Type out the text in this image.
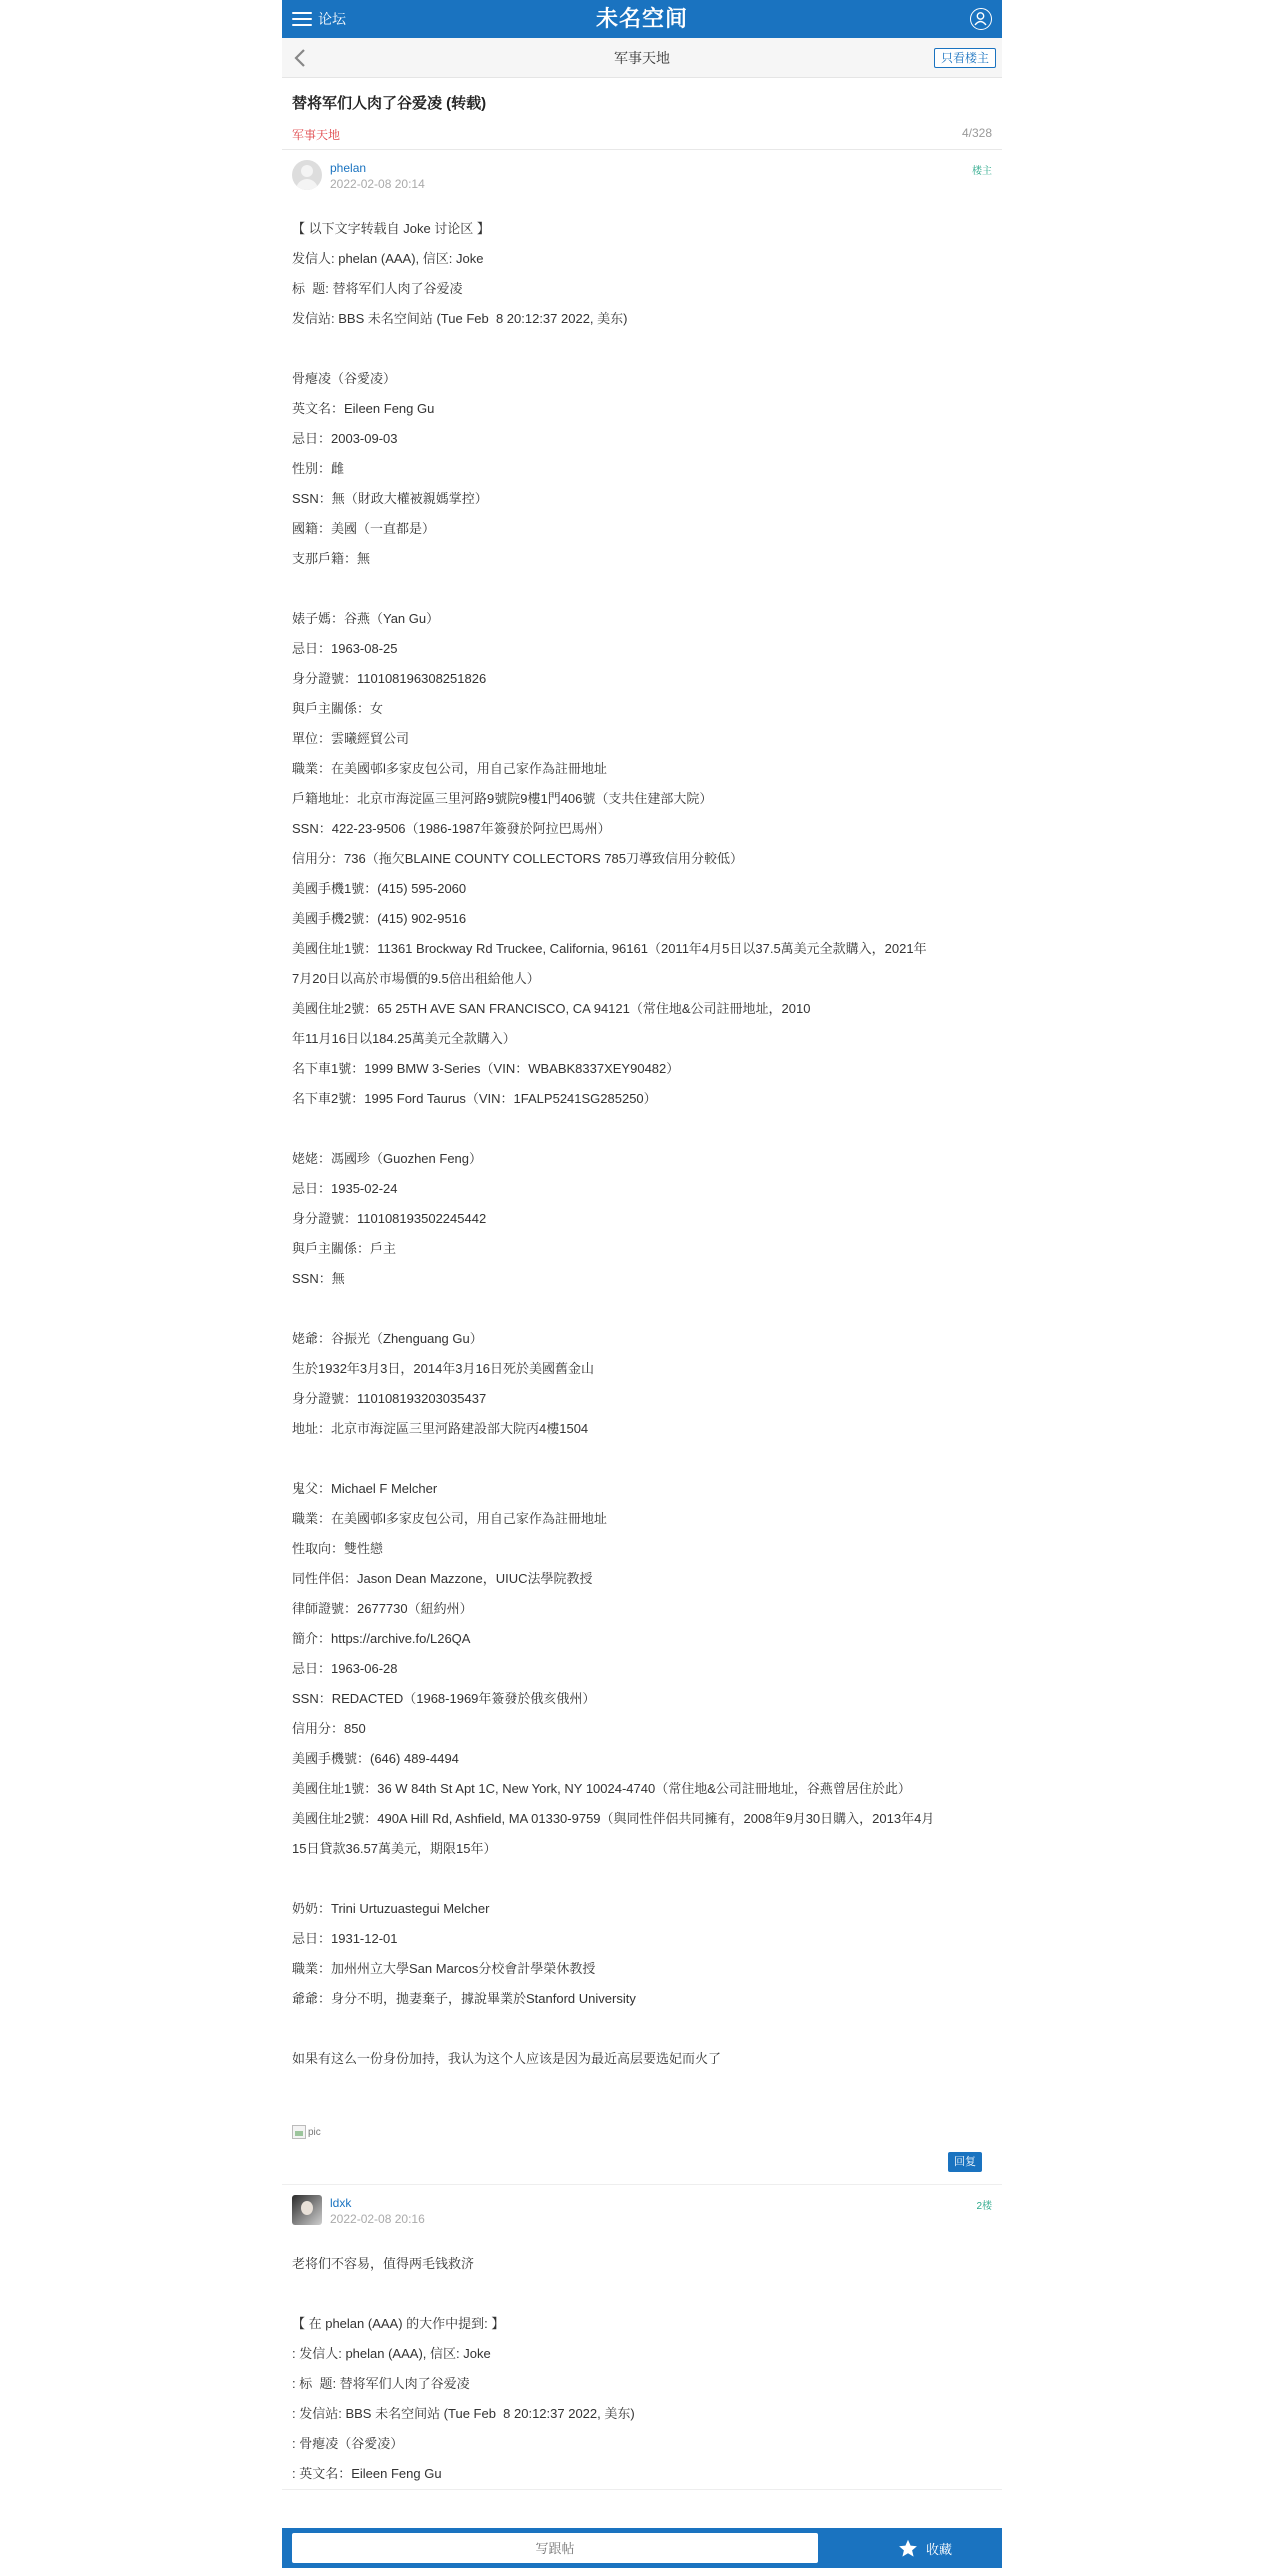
论坛	未名空间
军事天地	只看楼主
替将军们人肉了谷爱凌 (转载)
军事天地	4/328
phelan
2022-02-08 20:14
楼主
【 以下文字转载自 Joke 讨论区 】
发信人: phelan (AAA), 信区: Joke
标  题: 替将军们人肉了谷爱凌
发信站: BBS 未名空间站 (Tue Feb  8 20:12:37 2022, 美东)
骨瘪凌（谷愛凌）
英文名：Eileen Feng Gu
忌日：2003-09-03
性別：雌
SSN：無（財政大權被親媽掌控）
國籍：美國（一直都是）
支那戶籍：無
婊子媽：谷燕（Yan Gu）
忌日：1963-08-25
身分證號：110108196308251826
與戶主關係：女
單位：雲曦經貿公司
職業：在美國邨l多家皮包公司，用自己家作為註冊地址
戶籍地址：北京市海淀區三里河路9號院9樓1門406號（支共住建部大院）
SSN：422-23-9506（1986-1987年簽發於阿拉巴馬州）
信用分：736（拖欠BLAINE COUNTY COLLECTORS 785刀導致信用分較低）
美國手機1號：(415) 595-2060
美國手機2號：(415) 902-9516
美國住址1號：11361 Brockway Rd Truckee, California, 96161（2011年4月5日以37.5萬美元全款購入，2021年
7月20日以高於市場價的9.5倍出租給他人）
美國住址2號：65 25TH AVE SAN FRANCISCO, CA 94121（常住地&公司註冊地址，2010
年11月16日以184.25萬美元全款購入）
名下車1號：1999 BMW 3-Series（VIN：WBABK8337XEY90482）
名下車2號：1995 Ford Taurus（VIN：1FALP5241SG285250）
姥姥：馮國珍（Guozhen Feng）
忌日：1935-02-24
身分證號：110108193502245442
與戶主關係：戶主
SSN：無
姥爺：谷振光（Zhenguang Gu）
生於1932年3月3日，2014年3月16日死於美國舊金山
身分證號：110108193203035437
地址：北京市海淀區三里河路建設部大院丙4樓1504
鬼父：Michael F Melcher
職業：在美國邨l多家皮包公司，用自己家作為註冊地址
性取向：雙性戀
同性伴侶：Jason Dean Mazzone，UIUC法學院教授
律師證號：2677730（紐約州）
簡介：https://archive.fo/L26QA
忌日：1963-06-28
SSN：REDACTED（1968-1969年簽發於俄亥俄州）
信用分：850
美國手機號：(646) 489-4494
美國住址1號：36 W 84th St Apt 1C, New York, NY 10024-4740（常住地&公司註冊地址，谷燕曾居住於此）
美國住址2號：490A Hill Rd, Ashfield, MA 01330-9759（與同性伴侶共同擁有，2008年9月30日購入，2013年4月
15日貸款36.57萬美元，期限15年）
奶奶：Trini Urtuzuastegui Melcher
忌日：1931-12-01
職業：加州州立大學San Marcos分校會計學榮休教授
爺爺：身分不明，拋妻棄子，據說畢業於Stanford University
如果有这么一份身份加持，我认为这个人应该是因为最近高层要选妃而火了
pic
回复
ldxk
2022-02-08 20:16
2楼
老将们不容易，值得两毛钱救济
【 在 phelan (AAA) 的大作中提到: 】
: 发信人: phelan (AAA), 信区: Joke
: 标  题: 替将军们人肉了谷爱凌
: 发信站: BBS 未名空间站 (Tue Feb  8 20:12:37 2022, 美东)
: 骨瘪凌（谷愛凌）
: 英文名：Eileen Feng Gu
写跟帖
收藏
